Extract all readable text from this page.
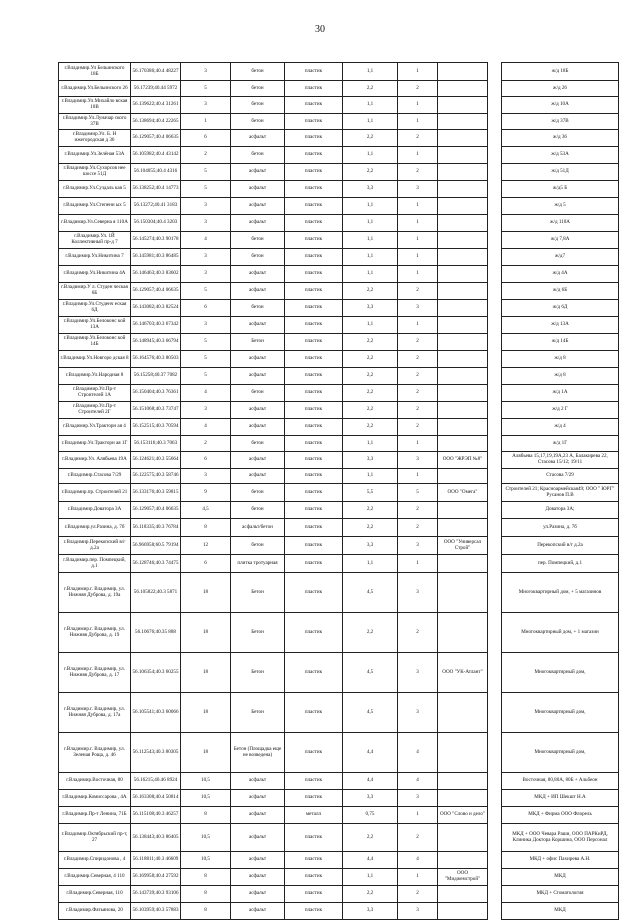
30
г.Владимир.Ул Бельинского 18Б	56.170386;40.4 48227	3	бетон	пластик	1,1	1			ж/д 18Б
г.Владимир.Ул.Бельинского 26	56.17239;40.44 5972	5	бетон	пластик	2,2	2			ж/д 26
г.Владимир.Ул.Михайло вская 10В	56.139622;40.4 31261	3	бетон	пластик	1,1	1			ж/д 10А
г.Владимир.Ул.Луначар ского 37В	56.138694;40.4 22265	1	бетон	пластик	1,1	1			ж/д 37В
г.Владимир.Ул. Б. Н ижегородская д 36	56.129057;40.4 06635	6	асфальт	пластик	2,2	2			ж/д 36
г.Владимир.Ул.Зелёная 53А	56.105982;40.4 43142	2	бетон	пластик	1,1	1			ж/д 53А
г.Владимир.Ул.Сухорсов нее шоссе 51Д	56.104055;40.4 4316	5	асфальт	пластик	2,2	2			ж/д 51Д
г.Владимир.Ул.Суздаль кая 5	56.138252;40.4 14773	5	асфальт	пластик	3,3	3			ж/д5 Б
г.Владимир.Ул.Степени ых 5	56.13272;40.41 3183	3	асфальт	пластик	1,1	1			ж/д 5
г.Владимир.Ул.Северна я 110А	56.150304;40.4 3203	3	асфальт	пластик	1,1	1			ж/д 110А
г.Владимир.Ул. 1Й Коллективный пр-д 7	56.145274;40.3 90178	4	бетон	пластик	1,1	1			ж/д 7,8А
г.Владимир.Ул.Никитина 7	56.145981;40.3 86485	3	бетон	пластик	1,1	1			ж/д7
г.Владимир.Ул.Никитина 4А	56.146463;40.3 83602	3	асфальт	пластик	1,1	1			ж/д 4А
г.Владимир.У л. Студен ческая 6Б	56.129057;40.4 06635	5	асфальт	пластик	2,2	2			ж/д 6Б
г.Владимир.Ул.Студенч еская 6Д	56.143082;40.3 82524	6	бетон	пластик	3,3	3			ж/д 6Д
г.Владимир.Ул.Белоконс кой 13А	56.146703;40.3 67342	3	асфальт	пластик	1,1	1			ж/д 13А
г.Владимир.Ул.Белоконс кой 14Б	56.148945;40.3 66794	5	Бетон	пластик	2,2	2			ж/д 14Б
г.Владимир.Ул.Новгоро дская 8	56.164576;40.3 80503	5	асфальт	пластик	2,2	2			ж/д 8
г.Владимир.Ул.Народная 8	56.15258;40.37 7082	5	асфальт	пластик	2,2	2			ж/д 8
г.Владимир.Ул.Пр-т Строителей 1А	56.150404;40.3 76361	4	бетон	пластик	2,2	2			ж/д 1А
г.Владимир.Ул.Пр-т Строителей 2Г	56.151068;40.3 73747	3	асфальт	пластик	2,2	2			ж/д 2 Г
г.Владимир.Ул.Тракторн ая 4	56.152515;40.3 70594	4	асфальт	пластик	2,2	2			ж/д 4
г.Владимир.Ул.Тракторн ая 1Г	56.153116;40.3 7063	2	бетон	пластик	1,1	1			ж/д 1Г
г.Владимир.Ул. Алябьева 19А	56.124621;40.3 55664	6	асфальт	пластик	3,3	3	ООО "ЖРЭП №8"		Алябьева 15,17,19,19А,23 А, Балакирева 22, Стасова 15/12; 19/11
г.Владимир.Стасова 7/29	56.122575;40.3 58746	3	асфальт	пластик	1,1	1			Стасова 7/29
г.Владимир.пр. Строителей 21	56.133176;40.3 59815	9	бетон	пластик	5,5	5	ООО "Омега"		Строителей 21; Красноармейская49; ООО " ЮРГ" Русанов П.В
г.Владимир.Доватора 3А	56.129057;40.4 06635	4,5	бетон	пластик	2,2	2			Доватора 3А;
г.Владимир.ул.Разина, д. 7б	56.118335;40.3 76784	8	асфальт/бетон	пластик	2,2	2			ул.Разина, д. 7б
г.Владимир.Перекопский в/г д.2а	56.966958;60.5 79194	12	бетон	пластик	3,3	3	ООО "Универсал Строй"		Перекопский в/г д.2а
г.Владимир.пер. Помпецкий, д.1	56.128746;40.3 74475	6	плитка тротуарная	пластик	1,1	1			пер. Помпецкий, д.1
г.Владимир.г. Владимир, ул. Нижняя Дуброва, д. 19а	56.105822;40.3 5871	18	Бетон	пластик	4,5	3			Многоквартирный дом, + 5 магазинов
г.Владимир.г. Владимир, ул. Нижняя Дуброва, д. 19	56.10676;40.35 888	18	Бетон	пластик	2,2	2			Многоквартирный дом, + 1 магазин
г.Владимир.г. Владимир, ул. Нижняя Дуброва, д. 17	56.106354;40.3 60255	18	Бетон	пластик	4,5	3	ООО "УК-Атлант"		Многоквартирный дом,
г.Владимир.г. Владимир, ул. Нижняя Дуброва, д. 17а	56.105541;40.3 60066	18	Бетон	пластик	4,5	3			Многоквартирный дом,
г.Владимир.г. Владимир, ул. Зеленая Роща, д. 46	56.112543;40.3 80305	18	Бетон (Площадка еще не возведена)	пластик	4,4	4			Многоквартирный дом,
г.Владимир.Восточная, 80	56.16215;40.46 8924	10,5	асфальт	пластик	4,4	4			Восточная, 80,80А, 80Б + Альбеон
г.Владимир.Комиссарова , 4А	56.163308;40.4 50814	10,5	асфальт	пластик	3,3	3			МКД + ИП Шекшт Н.А
г.Владимир.Пр-т Ленина, 71Б	56.115108;40.3 46257	8	асфальт	металл	0,75	1	ООО "Слово и дело"		МКД + Фирма ООО Флорель
г.Владимир.Октябрьский пр-т, 27	56.138443;40.3 86405	10,5	асфальт	пластик	2,2	2			МКД + ООО Чевара Раши, ООО ПАРКиРД, Клиника Доктора Коршина, ООО Персонал
г.Владимир.Спиридонова , 4	56.118811;40.3 46609	10,5	асфальт	пластик	4,4	4			МКД + офис Пахирева А.Н.
г.Владимир.Северная, 4 110	56.169958;40.4 27592	8	асфальт	пластик	1,1	1	ООО "Миджемстрой"		МКД
г.Владимир.Северная, 110	56.143739;40.3 93106	8	асфальт	пластик	2,2	2			МКД + Стоматология
г.Владимир.Фатьянова, 20	56.103959;40.3 57883	8	асфальт	пластик	3,3	3			МКД
